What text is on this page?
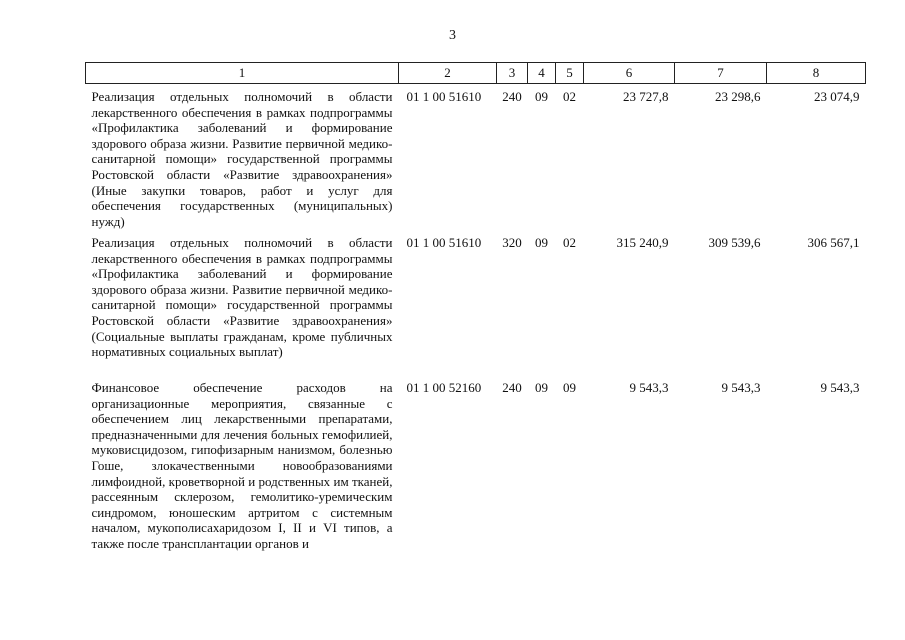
3
1	2	3	4	5	6	7	8
Реализация отдельных полномочий в области лекарственного обеспечения в рамках подпрограммы «Профилактика заболеваний и формирование здорового образа жизни. Развитие первичной медико-санитарной помощи» государственной программы Ростовской области «Развитие здравоохранения» (Иные закупки товаров, работ и услуг для обеспечения государственных (муниципальных) нужд)	01 1 00 51610	240	09	02	23 727,8	23 298,6	23 074,9
Реализация отдельных полномочий в области лекарственного обеспечения в рамках подпрограммы «Профилактика заболеваний и формирование здорового образа жизни. Развитие первичной медико-санитарной помощи» государственной программы Ростовской области «Развитие здравоохранения» (Социальные выплаты гражданам, кроме публичных нормативных социальных выплат)	01 1 00 51610	320	09	02	315 240,9	309 539,6	306 567,1
Финансовое обеспечение расходов на организационные мероприятия, связанные с обеспечением лиц лекарственными препаратами, предназначенными для лечения больных гемофилией, муковисцидозом, гипофизарным нанизмом, болезнью Гоше, злокачественными новообразованиями лимфоидной, кроветворной и родственных им тканей, рассеянным склерозом, гемолитико-уремическим синдромом, юношеским артритом с системным началом, мукополисахаридозом I, II и VI типов, а также после трансплантации органов и	01 1 00 52160	240	09	09	9 543,3	9 543,3	9 543,3
